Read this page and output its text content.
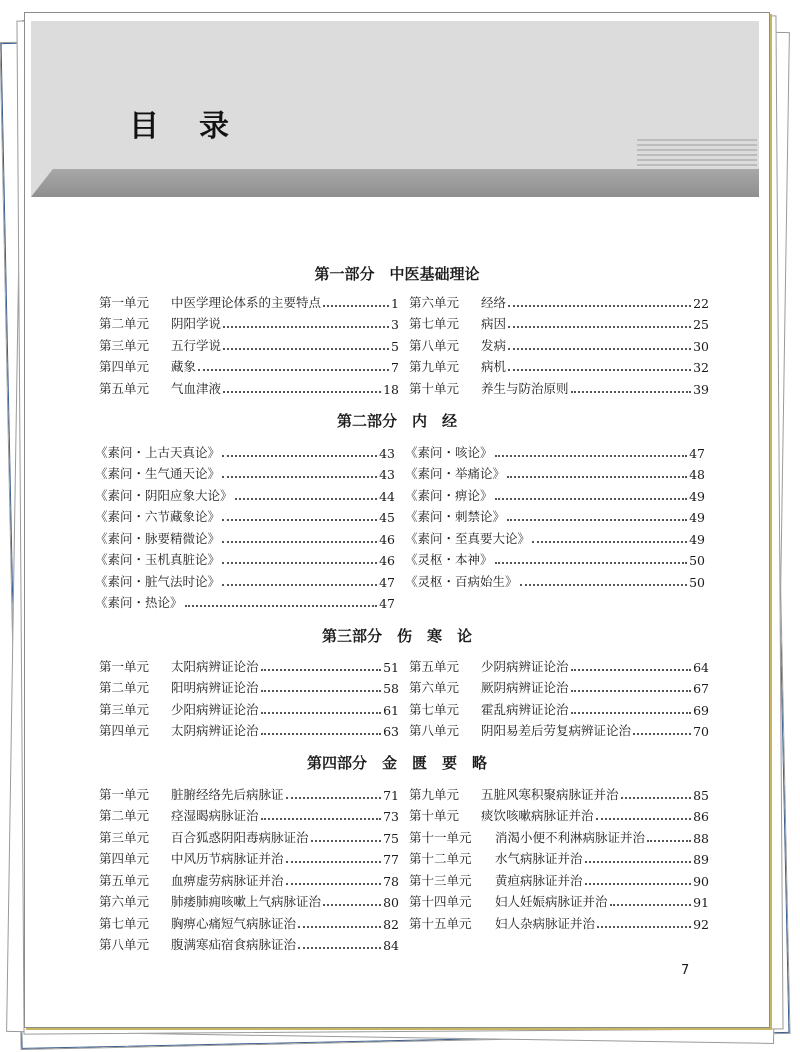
目录
第一部分　中医基础理论
第一单元	中医学理论体系的主要特点	1
第二单元	阴阳学说	3
第三单元	五行学说	5
第四单元	藏象	7
第五单元	气血津液	18
第六单元	经络	22
第七单元	病因	25
第八单元	发病	30
第九单元	病机	32
第十单元	养生与防治原则	39
第二部分　内　经
《素问・上古天真论》	43
《素问・生气通天论》	43
《素问・阴阳应象大论》	44
《素问・六节藏象论》	45
《素问・脉要精微论》	46
《素问・玉机真脏论》	46
《素问・脏气法时论》	47
《素问・热论》	47
《素问・咳论》	47
《素问・举痛论》	48
《素问・痹论》	49
《素问・刺禁论》	49
《素问・至真要大论》	49
《灵枢・本神》	50
《灵枢・百病始生》	50
第三部分　伤　寒　论
第一单元	太阳病辨证论治	51
第二单元	阳明病辨证论治	58
第三单元	少阳病辨证论治	61
第四单元	太阴病辨证论治	63
第五单元	少阴病辨证论治	64
第六单元	厥阴病辨证论治	67
第七单元	霍乱病辨证论治	69
第八单元	阴阳易差后劳复病辨证论治	70
第四部分　金　匮　要　略
第一单元	脏腑经络先后病脉证	71
第二单元	痉湿暍病脉证治	73
第三单元	百合狐惑阴阳毒病脉证治	75
第四单元	中风历节病脉证并治	77
第五单元	血痹虚劳病脉证并治	78
第六单元	肺痿肺痈咳嗽上气病脉证治	80
第七单元	胸痹心痛短气病脉证治	82
第八单元	腹满寒疝宿食病脉证治	84
第九单元	五脏风寒积聚病脉证并治	85
第十单元	痰饮咳嗽病脉证并治	86
第十一单元	消渴小便不利淋病脉证并治	88
第十二单元	水气病脉证并治	89
第十三单元	黄疸病脉证并治	90
第十四单元	妇人妊娠病脉证并治	91
第十五单元	妇人杂病脉证并治	92
7
